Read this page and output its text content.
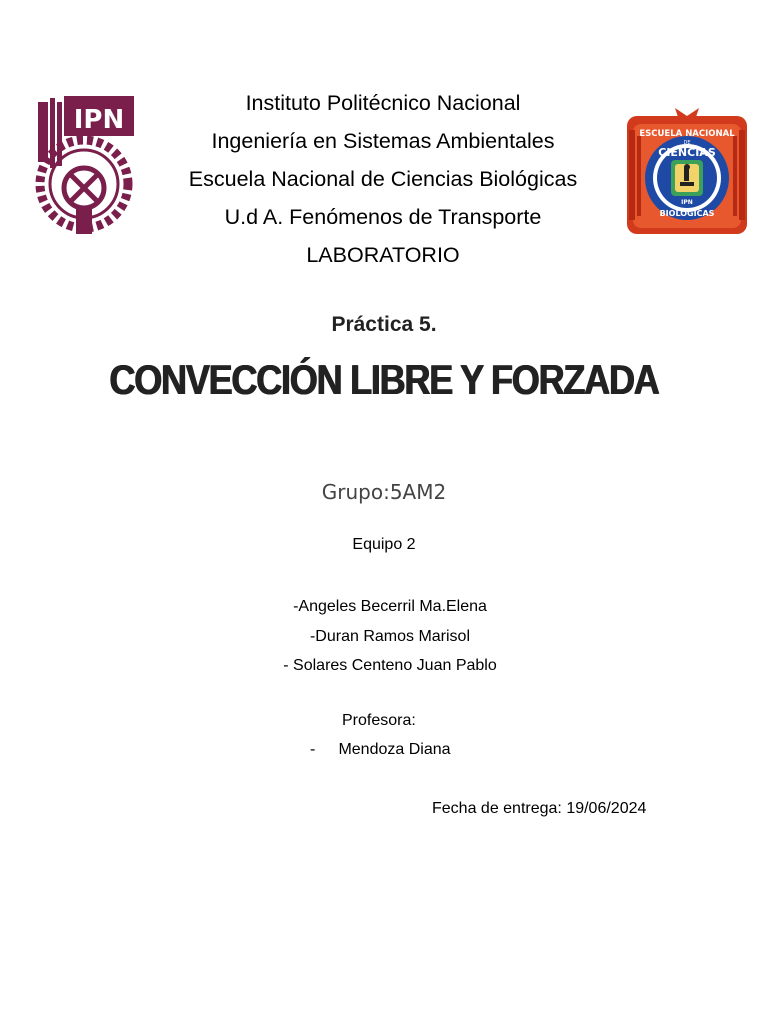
IPN	ESCUELA NACIONAL
DE
CIENCIAS
BIOLÓGICAS
IPN
Instituto Politécnico Nacional
Ingeniería en Sistemas Ambientales
Escuela Nacional de Ciencias Biológicas
U.d A. Fenómenos de Transporte
LABORATORIO
Práctica 5.
CONVECCIÓN LIBRE Y FORZADA
Grupo:5AM2
Equipo 2
-Angeles Becerril Ma.Elena
-Duran Ramos Marisol
- Solares Centeno Juan Pablo
Profesora:
- Mendoza Diana
Fecha de entrega: 19/06/2024
